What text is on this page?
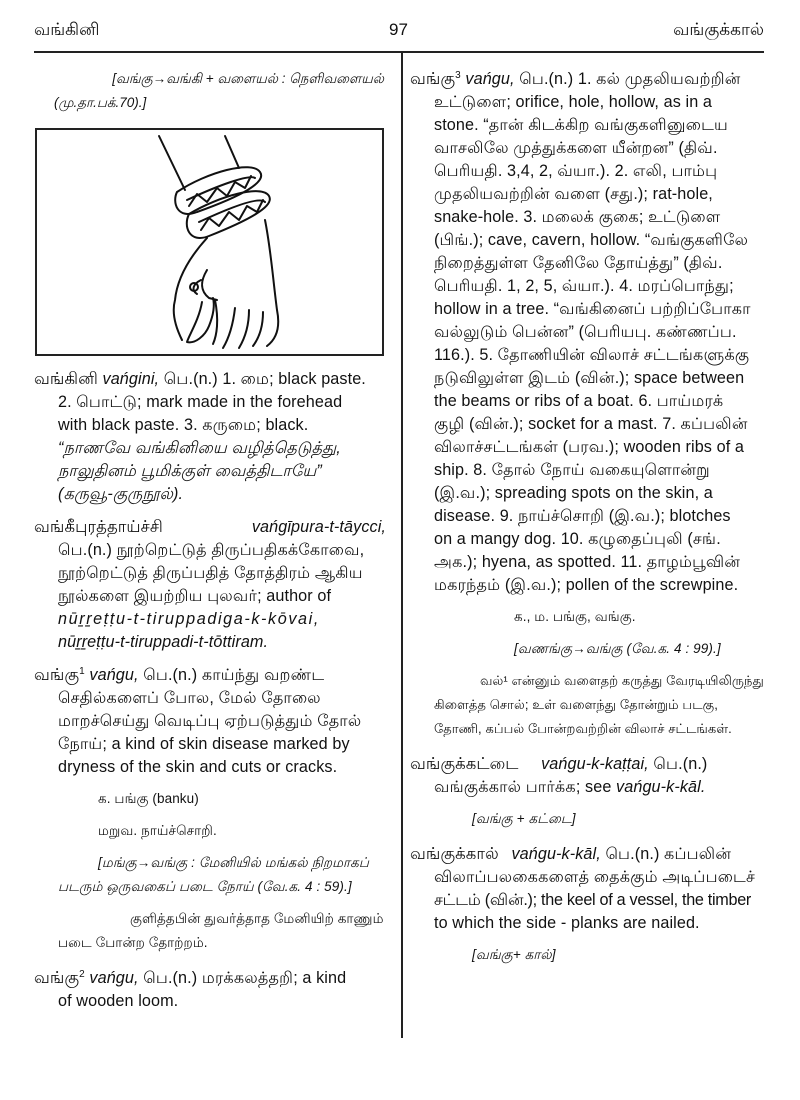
வங்கினி	97	வங்குக்கால்
[வங்கு→வங்கி + வளையல் : நெளிவளையல்
(மு.தா.பக்.70).]
வங்கினி vańgini, பெ.(n.) 1. மை; black paste.
2. பொட்டு; mark made in the forehead
with black paste. 3. கருமை; black.
“நாணவே வங்கினியை வழித்தெடுத்து,
நாலுதினம் பூமிக்குள் வைத்திடாயே”
(கருவூ-குருநூல்).
வங்கீபுரத்தாய்ச்சி	vańgīpura-t-tāycci,
பெ.(n.) நூற்றெட்டுத் திருப்பதிகக்கோவை,
நூற்றெட்டுத் திருப்பதித் தோத்திரம் ஆகிய
நூல்களை இயற்றிய புலவர்; author of
nūṟṟeṭṭu-t-tiruppadiga-k-kōvai,
nūṟṟeṭṭu-t-tiruppadi-t-tōttiram.
வங்கு$^1$ vańgu, பெ.(n.) காய்ந்து வறண்ட
செதில்களைப் போல, மேல் தோலை
மாறச்செய்து வெடிப்பு ஏற்படுத்தும் தோல்
நோய்; a kind of skin disease marked by
dryness of the skin and cuts or cracks.
க. பங்கு (banku)
மறுவ. நாய்ச்சொறி.
[மங்கு→வங்கு : மேனியில் மங்கல் நிறமாகப்
படரும் ஒருவகைப் படை நோய் (வே.க. 4 : 59).]
குளித்தபின் துவர்த்தாத மேனியிற் காணும்
படை போன்ற தோற்றம்.
வங்கு$^2$ vańgu, பெ.(n.) மரக்கலத்தறி; a kind
of wooden loom.
வங்கு$^3$ vańgu, பெ.(n.) 1. கல் முதலியவற்றின்
உட்டுளை; orifice, hole, hollow, as in a
stone. “தான் கிடக்கிற வங்குகளினுடைய
வாசலிலே முத்துக்களை யீன்றன” (திவ்.
பெரியதி. 3,4, 2, வ்யா.). 2. எலி, பாம்பு
முதலியவற்றின் வளை (சது.); rat-hole,
snake-hole. 3. மலைக் குகை; உட்டுளை
(பிங்.); cave, cavern, hollow. “வங்குகளிலே
நிறைத்துள்ள தேனிலே தோய்த்து” (திவ்.
பெரியதி. 1, 2, 5, வ்யா.). 4. மரப்பொந்து;
hollow in a tree. “வங்கினைப் பற்றிப்போகா
வல்லுடும் பென்ன” (பெரியபு. கண்ணப்ப.
116.). 5. தோணியின் விலாச் சட்டங்களுக்கு
நடுவிலுள்ள இடம் (வின்.); space between
the beams or ribs of a boat. 6. பாய்மரக்
குழி (வின்.); socket for a mast. 7. கப்பலின்
விலாச்சட்டங்கள் (பரவ.); wooden ribs of a
ship. 8. தோல் நோய் வகையுளொன்று
(இ.வ.); spreading spots on the skin, a
disease. 9. நாய்ச்சொறி (இ.வ.); blotches
on a mangy dog. 10. கழுதைப்புலி (சங்.
அக.); hyena, as spotted. 11. தாழம்பூவின்
மகரந்தம் (இ.வ.); pollen of the screwpine.
க., ம. பங்கு, வங்கு.
[வணங்கு→வங்கு (வே.க. 4 : 99).]
வல்¹ என்னும் வளைதற் கருத்து வேரடியிலிருந்து
கிளைத்த சொல்; உள் வளைந்து தோன்றும் படகு,
தோணி, கப்பல் போன்றவற்றின் விலாச் சட்டங்கள்.
வங்குக்கட்டை vańgu-k-kaṭṭai, பெ.(n.)
வங்குக்கால் பார்க்க; see vańgu-k-kāl.
[வங்கு + கட்டை]
வங்குக்கால் vańgu-k-kāl, பெ.(n.) கப்பலின்
விலாப்பலகைகளைத் தைக்கும் அடிப்படைச்
சட்டம் (வின்.); the keel of a vessel, the timber
to which the side - planks are nailed.
[வங்கு+ கால்]
